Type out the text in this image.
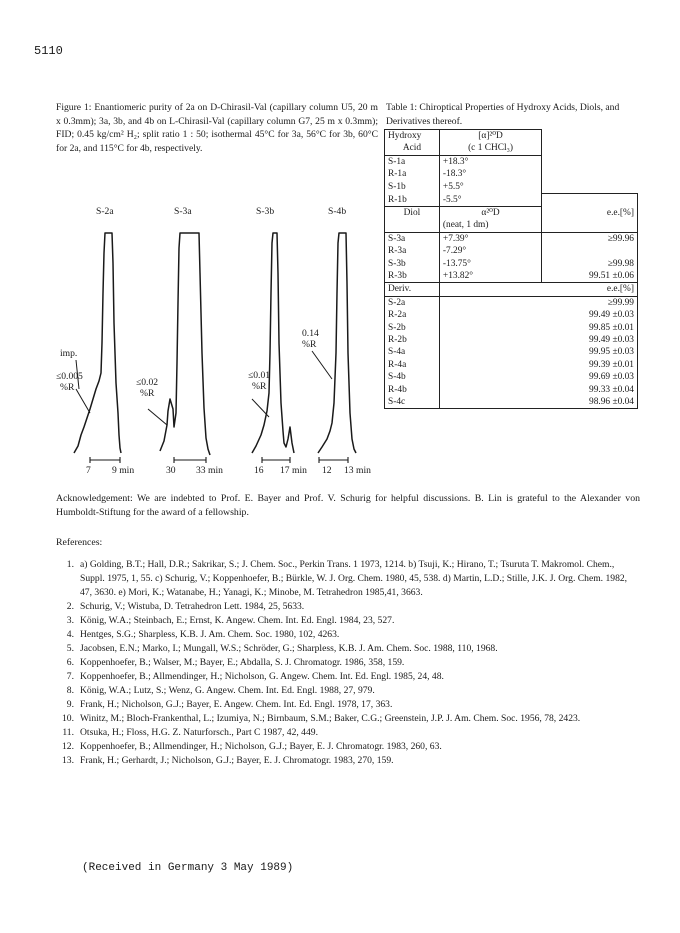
5110
Figure 1: Enantiomeric purity of 2a on D-Chirasil-Val (capillary column U5, 20 m x 0.3mm); 3a, 3b, and 4b on L-Chirasil-Val (capillary column G7, 25 m x 0.3mm); FID; 0.45 kg/cm² H₂; split ratio 1 : 50; isothermal 45°C for 3a, 56°C for 3b, 60°C for 2a, and 115°C for 4b, respectively.
Table 1: Chiroptical Properties of Hydroxy Acids, Diols, and Derivatives thereof.
S-2a	S-3a	S-3b	S-4b
imp.
≤0.005
%R	≤0.02
%R
≤0.01
%R
0.14
%R
7 9 min	30 33 min	16 17 min 12 13 min
Hydroxy	[α]²⁰D	
Acid	(c 1 CHCl₃)	
S-1a	+18.3°	
R-1a	-18.3°	
S-1b	+5.5°	
R-1b	-5.5°	
Diol	α²⁰D	e.e.[%]
	(neat, 1 dm)	
S-3a	+7.39°	≥99.96
R-3a	-7.29°	
S-3b	-13.75°	≥99.98
R-3b	+13.82°	99.51 ±0.06
Deriv.		e.e.[%]
S-2a		≥99.99
R-2a		99.49 ±0.03
S-2b		99.85 ±0.01
R-2b		99.49 ±0.03
S-4a		99.95 ±0.03
R-4a		99.39 ±0.01
S-4b		99.69 ±0.03
R-4b		99.33 ±0.04
S-4c		98.96 ±0.04
Acknowledgement: We are indebted to Prof. E. Bayer and Prof. V. Schurig for helpful discussions. B. Lin is grateful to the Alexander von Humboldt-Stiftung for the award of a fellowship.
References:
1. a) Golding, B.T.; Hall, D.R.; Sakrikar, S.; J. Chem. Soc., Perkin Trans. 1 1973, 1214. b) Tsuji, K.; Hirano, T.; Tsuruta T. Makromol. Chem., Suppl. 1975, 1, 55. c) Schurig, V.; Koppenhoefer, B.; Bürkle, W. J. Org. Chem. 1980, 45, 538. d) Martin, L.D.; Stille, J.K. J. Org. Chem. 1982, 47, 3630. e) Mori, K.; Watanabe, H.; Yanagi, K.; Minobe, M. Tetrahedron 1985,41, 3663.
2. Schurig, V.; Wistuba, D. Tetrahedron Lett. 1984, 25, 5633.
3. König, W.A.; Steinbach, E.; Ernst, K. Angew. Chem. Int. Ed. Engl. 1984, 23, 527.
4. Hentges, S.G.; Sharpless, K.B. J. Am. Chem. Soc. 1980, 102, 4263.
5. Jacobsen, E.N.; Marko, I.; Mungall, W.S.; Schröder, G.; Sharpless, K.B. J. Am. Chem. Soc. 1988, 110, 1968.
6. Koppenhoefer, B.; Walser, M.; Bayer, E.; Abdalla, S. J. Chromatogr. 1986, 358, 159.
7. Koppenhoefer, B.; Allmendinger, H.; Nicholson, G. Angew. Chem. Int. Ed. Engl. 1985, 24, 48.
8. König, W.A.; Lutz, S.; Wenz, G. Angew. Chem. Int. Ed. Engl. 1988, 27, 979.
9. Frank, H.; Nicholson, G.J.; Bayer, E. Angew. Chem. Int. Ed. Engl. 1978, 17, 363.
10. Winitz, M.; Bloch-Frankenthal, L.; Izumiya, N.; Birnbaum, S.M.; Baker, C.G.; Greenstein, J.P. J. Am. Chem. Soc. 1956, 78, 2423.
11. Otsuka, H.; Floss, H.G. Z. Naturforsch., Part C 1987, 42, 449.
12. Koppenhoefer, B.; Allmendinger, H.; Nicholson, G.J.; Bayer, E. J. Chromatogr. 1983, 260, 63.
13. Frank, H.; Gerhardt, J.; Nicholson, G.J.; Bayer, E. J. Chromatogr. 1983, 270, 159.
(Received in Germany 3 May 1989)
